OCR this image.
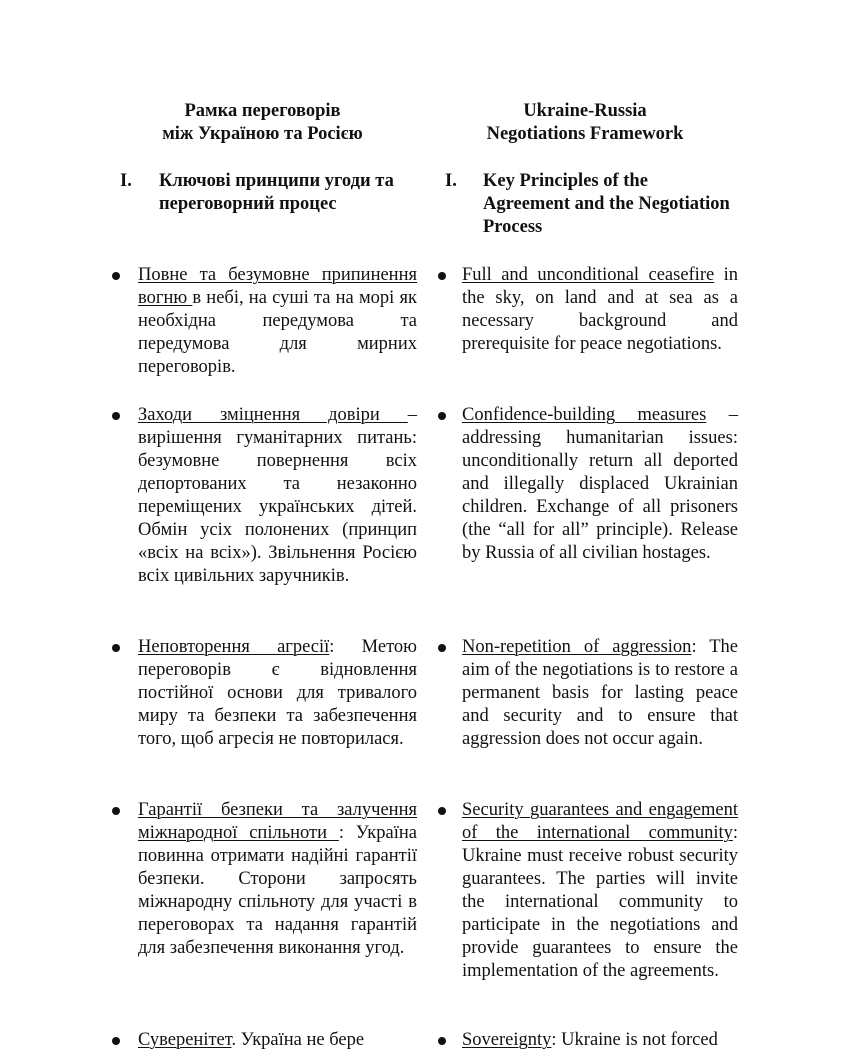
Рамка переговорів
між Україною та Росією
I. Ключові принципи угоди та переговорний процес
Повне та безумовне припинення вогню в небі, на суші та на морі як необхідна передумова та передумова для мирних переговорів.
Заходи зміцнення довіри – вирішення гуманітарних питань: безумовне повернення всіх депортованих та незаконно переміщених українських дітей. Обмін усіх полонених (принцип «всіх на всіх»). Звільнення Росією всіх цивільних заручників.
Неповторення агресії: Метою переговорів є відновлення постійної основи для тривалого миру та безпеки та забезпечення того, щоб агресія не повторилася.
Гарантії безпеки та залучення міжнародної спільноти : Україна повинна отримати надійні гарантії безпеки. Сторони запросять міжнародну спільноту для участі в переговорах та надання гарантій для забезпечення виконання угод.
Суверенітет. Україна не бере
Ukraine-Russia
Negotiations Framework
I. Key Principles of the Agreement and the Negotiation Process
Full and unconditional ceasefire in the sky, on land and at sea as a necessary background and prerequisite for peace negotiations.
Confidence-building measures – addressing humanitarian issues: unconditionally return all deported and illegally displaced Ukrainian children. Exchange of all prisoners (the “all for all” principle). Release by Russia of all civilian hostages.
Non-repetition of aggression: The aim of the negotiations is to restore a permanent basis for lasting peace and security and to ensure that aggression does not occur again.
Security guarantees and engagement of the international community: Ukraine must receive robust security guarantees. The parties will invite the international community to participate in the negotiations and provide guarantees to ensure the implementation of the agreements.
Sovereignty: Ukraine is not forced
